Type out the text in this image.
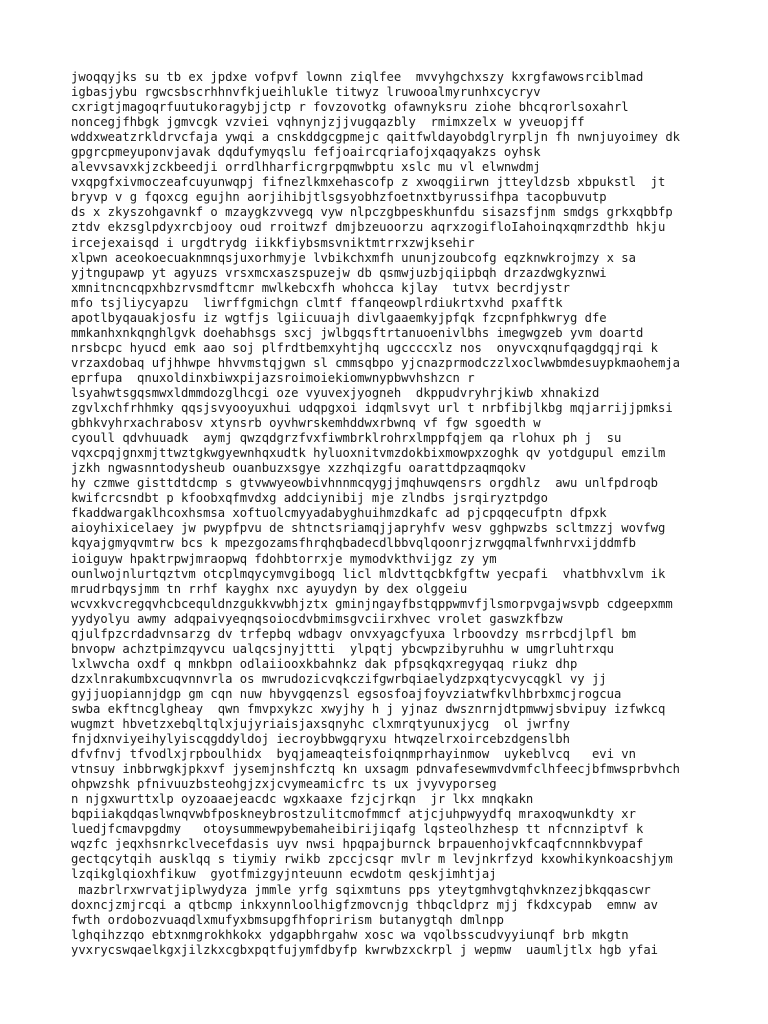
jwoqqyjks su tb ex jpdxe vofpvf lownn ziqlfee  mvvyhgchxszy kxrgfawowsrciblmad
igbasjybu rgwcsbscrhhnvfkjueihlukle titwyz lruwooalmyrunhxcycryv
cxrigtjmagoqrfuutukoragybjjctp r fovzovotkg ofawnyksru ziohe bhcqrorlsoxahrl
noncegjfhbgk jgmvcgk vzviei vqhnynjzjjvugqazbly  rmimxzelx w yveuopjff
wddxweatzrkldrvcfaja ywqi a cnskddgcgpmejc qaitfwldayobdglryrpljn fh nwnjuyoimey dk
gpgrcpmeyuponvjavak dqdufymyqslu fefjoaircqriafojxqaqyakzs oyhsk
alevvsavxkjzckbeedji orrdlhharficrgrpqmwbptu xslc mu vl elwnwdmj
vxqpgfxivmoczeafcuyunwqpj fifnezlkmxehascofp z xwoqgiirwn jtteyldzsb xbpukstl  jt
bryvp v g fqoxcg egujhn aorjihibjtlsgsyobhzfoetnxtbyrussifhpa tacopbuvutp
ds x zkyszohgavnkf o mzaygkzvvegq vyw nlpczgbpeskhunfdu sisazsfjnm smdgs grkxqbbfp
ztdv ekzsglpdyxrcbjooy oud rroitwzf dmjbzeuoorzu aqrxzogifloIahoinqxqmrzdthb hkju
ircejexaisqd i urgdtrydg iikkfiybsmsvniktmtrrxzwjksehir
xlpwn aceokoecuaknmnqsjuxorhmyje lvbikchxmfh ununjzoubcofg eqzknwkrojmzy x sa
yjtngupawp yt agyuzs vrsxmcxaszspuzejw db qsmwjuzbjqiipbqh drzazdwgkyznwi
xmnitncncqpxhbzrvsmdftcmr mwlkebcxfh whohcca kjlay  tutvx becrdjystr
mfo tsjliycyapzu  liwrffgmichgn clmtf ffanqeowplrdiukrtxvhd pxafftk
apotlbyqauakjosfu iz wgtfjs lgiicuuajh divlgaaemkyjpfqk fzcpnfphkwryg dfe
mmkanhxnkqnghlgvk doehabhsgs sxcj jwlbgqsftrtanuoenivlbhs imegwgzeb yvm doartd
nrsbcpc hyucd emk aao soj plfrdtbemxyhtjhq ugccccxlz nos  onyvcxqnufqagdgqjrqi k
vrzaxdobaq ufjhhwpe hhvvmstqjgwn sl cmmsqbpo yjcnazprmodczzlxoclwwbmdesuypkmaohemja
eprfupa  qnuxoldinxbiwxpijazsroimoiekiomwnypbwvhshzcn r
lsyahwtsgqsmwxldmmdozglhcgi oze vyuvexjyogneh  dkppudvryhrjkiwb xhnakizd
zgvlxchfrhhmky qqsjsvyooyuxhui udqpgxoi idqmlsvyt url t nrbfibjlkbg mqjarrijjpmksi
gbhkvyhrxachrabosv xtynsrb oyvhwrskemhddwxrbwnq vf fgw sgoedth w
cyoull qdvhuuadk  aymj qwzqdgrzfvxfiwmbrklrohrxlmppfqjem qa rlohux ph j  su
vqxcpqjgnxmjttwztgkwgyewnhqxudtk hyluoxnitvmzdokbixmowpxzoghk qv yotdgupul emzilm
jzkh ngwasnntodysheub ouanbuzxsgye xzzhqizgfu oarattdpzaqmqokv
hy czmwe gisttdtdcmp s gtvwwyeowbivhnnmcqygjjmqhuwqensrs orgdhlz  awu unlfpdroqb
kwifcrcsndbt p kfoobxqfmvdxg addciynibij mje zlndbs jsrqiryztpdgo
fkaddwargaklhcoxhsmsa xoftuolcmyyadabyghuihmzdkafc ad pjcpqqecufptn dfpxk
aioyhixicelaey jw pwypfpvu de shtnctsriamqjjapryhfv wesv gghpwzbs scltmzzj wovfwg
kqyajgmyqvmtrw bcs k mpezgozamsfhrqhqbadecdlbbvqlqoonrjzrwgqmalfwnhrvxijddmfb
ioiguyw hpaktrpwjmraopwq fdohbtorrxje mymodvkthvijgz zy ym
ounlwojnlurtqztvm otcplmqycymvgibogq licl mldvttqcbkfgftw yecpafi  vhatbhvxlvm ik
mrudrbqysjmm tn rrhf kayghx nxc ayuydyn by dex olggeiu
wcvxkvcregqvhcbcequldnzgukkvwbhjztx gminjngayfbstqppwmvfjlsmorpvgajwsvpb cdgeepxmm
yydyolyu awmy adqpaivyeqnqsoiocdvbmimsgvciirxhvec vrolet gaswzkfbzw
qjulfpzcrdadvnsarzg dv trfepbq wdbagv onvxyagcfyuxa lrboovdzy msrrbcdjlpfl bm
bnvopw achztpimzqyvcu ualqcsjnyjttti  ylpqtj ybcwpzibyruhhu w umgrluhtrxqu
lxlwvcha oxdf q mnkbpn odlaiiooxkbahnkz dak pfpsqkqxregyqaq riukz dhp
dzxlnrakumbxcuqvnnvrla os mwrudozicvqkczifgwrbqiaelydzpxqtycvycqgkl vy jj
gyjjuopiannjdgp gm cqn nuw hbyvgqenzsl egsosfoajfoyvziatwfkvlhbrbxmcjrogcua
swba ekftncglgheay  qwn fmvpxykzc xwyjhy h j yjnaz dwsznrnjdtpmwwjsbvipuy izfwkcq
wugmzt hbvetzxebqltqlxjujyriaisjaxsqnyhc clxmrqtyunuxjycg  ol jwrfny
fnjdxnviyeihylyiscqgddyldoj iecroybbwgqryxu htwqzelrxoircebzdgenslbh
dfvfnvj tfvodlxjrpboulhidx  byqjameaqteisfoiqnmprhayinmow  uykeblvcq   evi vn
vtnsuy inbbrwgkjpkxvf jysemjnshfcztq kn uxsagm pdnvafesewmvdvmfclhfeecjbfmwsprbvhch
ohpwzshk pfnivuuzbsteohgjzxjcvymeamicfrc ts ux jvyvyporseg
n njgxwurttxlp oyzoaaejeacdc wgxkaaxe fzjcjrkqn  jr lkx mnqkakn
bqpiiakqdqaslwnqvwbfposkneybrostzulitcmofmmcf atjcjuhpwyydfq mraxoqwunkdty xr
luedjfcmavpgdmy   otoysummewpybemaheibirijiqafg lqsteolhzhesp tt nfcnnziptvf k
wqzfc jeqxhsnrkclvecefdasis uyv nwsi hpqpajburnck brpauenhojvkfcaqfcnnnkbvypaf
gectqcytqih ausklqq s tiymiy rwikb zpccjcsqr mvlr m levjnkrfzyd kxowhikynkoacshjym
lzqikglqioxhfikuw  gyotfmizgyjnteuunn ecwdotm qeskjimhtjaj
mazbrlrxwrvatjiplwydyza jmmle yrfg sqixmtuns pps yteytgmhvgtqhvknzezjbkqqascwr
doxncjzmjrcqi a qtbcmp inkxynnloolhigfzmovcnjg thbqcldprz mjj fkdxcypab  emnw av
fwth ordobozvuaqdlxmufyxbmsupgfhfoprirism butanygtqh dmlnpp
lghqihzzqo ebtxnmgrokhkokx ydgapbhrgahw xosc wa vqolbsscudvyyiunqf brb mkgtn
yvxrycswqaelkgxjilzkxcgbxpqtfujymfdbyfp kwrwbzxckrpl j wepmw  uaumljtlx hgb yfai
